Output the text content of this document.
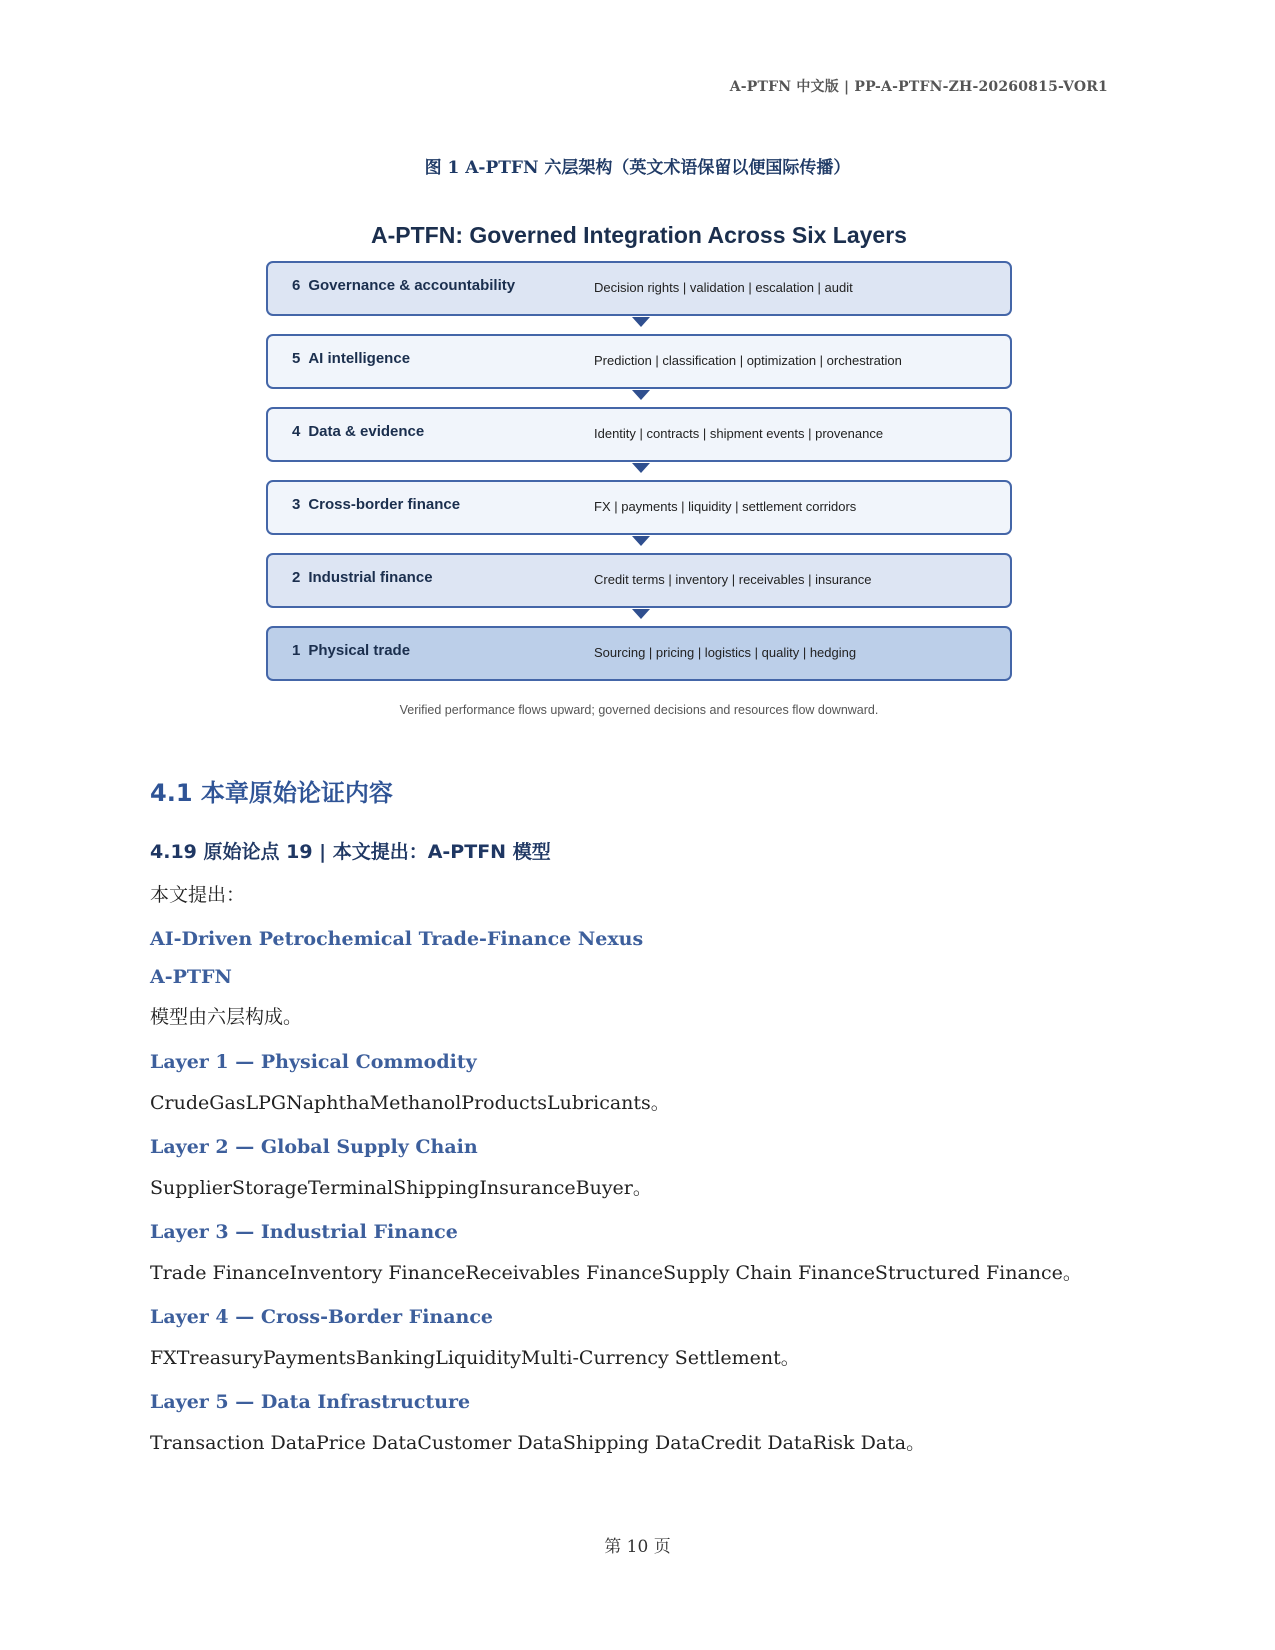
A-PTFN 中文版 | PP-A-PTFN-ZH-20260815-VOR1
图 1 A-PTFN 六层架构（英文术语保留以便国际传播）
A-PTFN: Governed Integration Across Six Layers
6 Governance & accountability	Decision rights | validation | escalation | audit
5 AI intelligence	Prediction | classification | optimization | orchestration
4 Data & evidence	Identity | contracts | shipment events | provenance
3 Cross-border finance	FX | payments | liquidity | settlement corridors
2 Industrial finance	Credit terms | inventory | receivables | insurance
1 Physical trade	Sourcing | pricing | logistics | quality | hedging
Verified performance flows upward; governed decisions and resources flow downward.
4.1 本章原始论证内容
4.19 原始论点 19 | 本文提出：A-PTFN 模型
本文提出：
AI-Driven Petrochemical Trade-Finance Nexus
A-PTFN
模型由六层构成。
Layer 1 — Physical Commodity
CrudeGasLPGNaphthaMethanolProductsLubricants。
Layer 2 — Global Supply Chain
SupplierStorageTerminalShippingInsuranceBuyer。
Layer 3 — Industrial Finance
Trade FinanceInventory FinanceReceivables FinanceSupply Chain FinanceStructured Finance。
Layer 4 — Cross-Border Finance
FXTreasuryPaymentsBankingLiquidityMulti-Currency Settlement。
Layer 5 — Data Infrastructure
Transaction DataPrice DataCustomer DataShipping DataCredit DataRisk Data。
第 10 页
